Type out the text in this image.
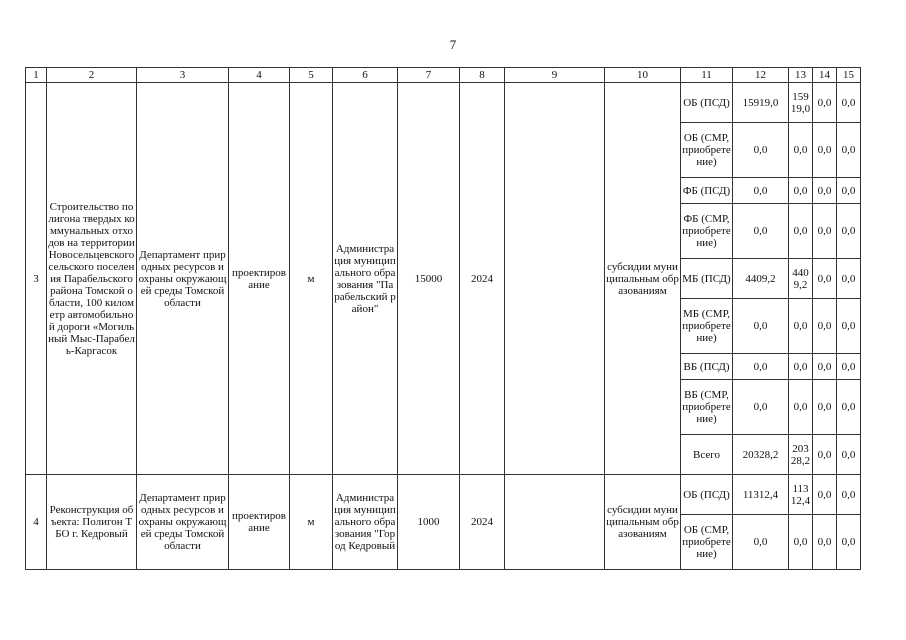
7
1	2	3	4	5	6	7	8	9	10	11	12	13	14	15
3	Строительство полигона твердых коммунальных отходов на территории Новосельцевского сельского поселения Парабельского района Томской области, 100 километр автомобильной дороги «Могильный Мыс-Парабель-Каргасок	Департамент природных ресурсов и охраны окружающей среды Томской области	проектирование	м	Администрация муниципального образования "Парабельский район"	15000	2024		субсидии муниципальным образованиям	ОБ (ПСД)	15919,0	15919,0	0,0	0,0
										ОБ (СМР, приобретение)	0,0	0,0	0,0	0,0
										ФБ (ПСД)	0,0	0,0	0,0	0,0
										ФБ (СМР, приобретение)	0,0	0,0	0,0	0,0
										МБ (ПСД)	4409,2	4409,2	0,0	0,0
										МБ (СМР, приобретение)	0,0	0,0	0,0	0,0
										ВБ (ПСД)	0,0	0,0	0,0	0,0
										ВБ (СМР, приобретение)	0,0	0,0	0,0	0,0
										Всего	20328,2	20328,2	0,0	0,0
4	Реконструкция объекта: Полигон ТБО г. Кедровый	Департамент природных ресурсов и охраны окружающей среды Томской области	проектирование	м	Администрация муниципального образования "Город Кедровый	1000	2024		субсидии муниципальным образованиям	ОБ (ПСД)	11312,4	11312,4	0,0	0,0
										ОБ (СМР, приобретение)	0,0	0,0	0,0	0,0
